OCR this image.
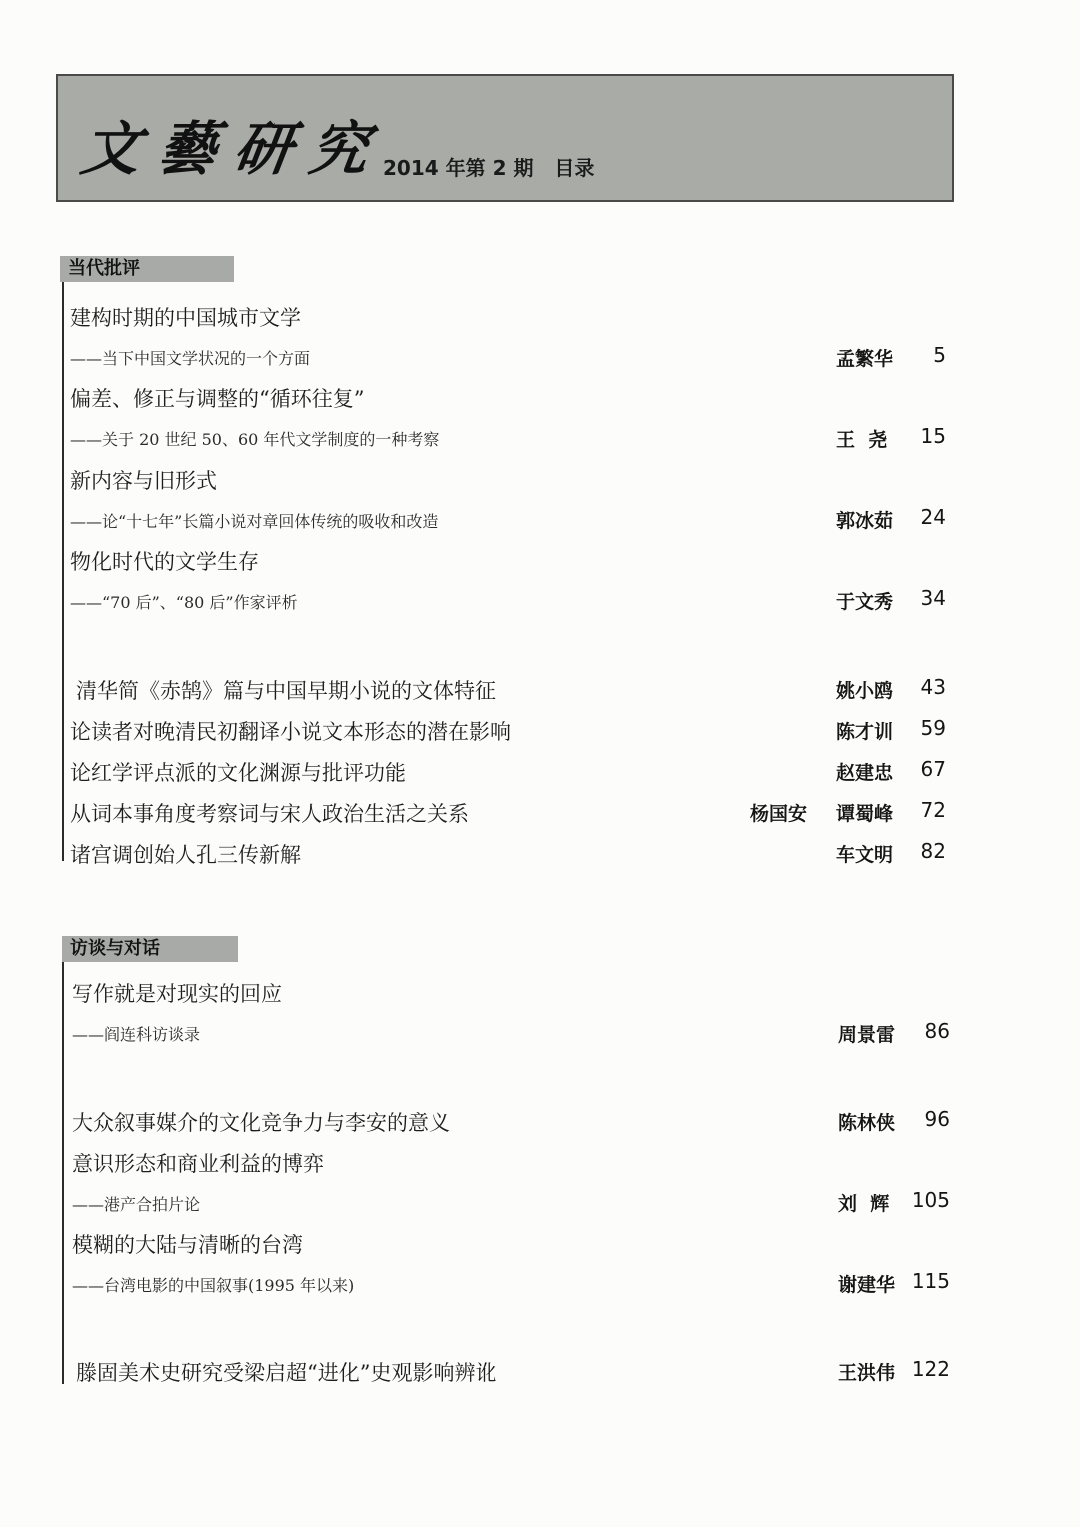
文藝研究
2014 年第 2 期   目录
当代批评
建构时期的中国城市文学
——当下中国文学状况的一个方面	孟繁华	5
偏差、修正与调整的“循环往复”
——关于 20 世纪 50、60 年代文学制度的一种考察	王  尧	15
新内容与旧形式
——论“十七年”长篇小说对章回体传统的吸收和改造	郭冰茹	24
物化时代的文学生存
——“70 后”、“80 后”作家评析	于文秀	34
清华简《赤鹄》篇与中国早期小说的文体特征	姚小鸥	43
论读者对晚清民初翻译小说文本形态的潜在影响	陈才训	59
论红学评点派的文化渊源与批评功能	赵建忠	67
从词本事角度考察词与宋人政治生活之关系	杨国安 谭蜀峰	72
诸宫调创始人孔三传新解	车文明	82
访谈与对话
写作就是对现实的回应
——阎连科访谈录	周景雷	86
大众叙事媒介的文化竞争力与李安的意义	陈林侠	96
意识形态和商业利益的博弈
——港产合拍片论	刘  辉 105
模糊的大陆与清晰的台湾
——台湾电影的中国叙事(1995 年以来)	谢建华 115
滕固美术史研究受梁启超“进化”史观影响辨讹	王洪伟 122
